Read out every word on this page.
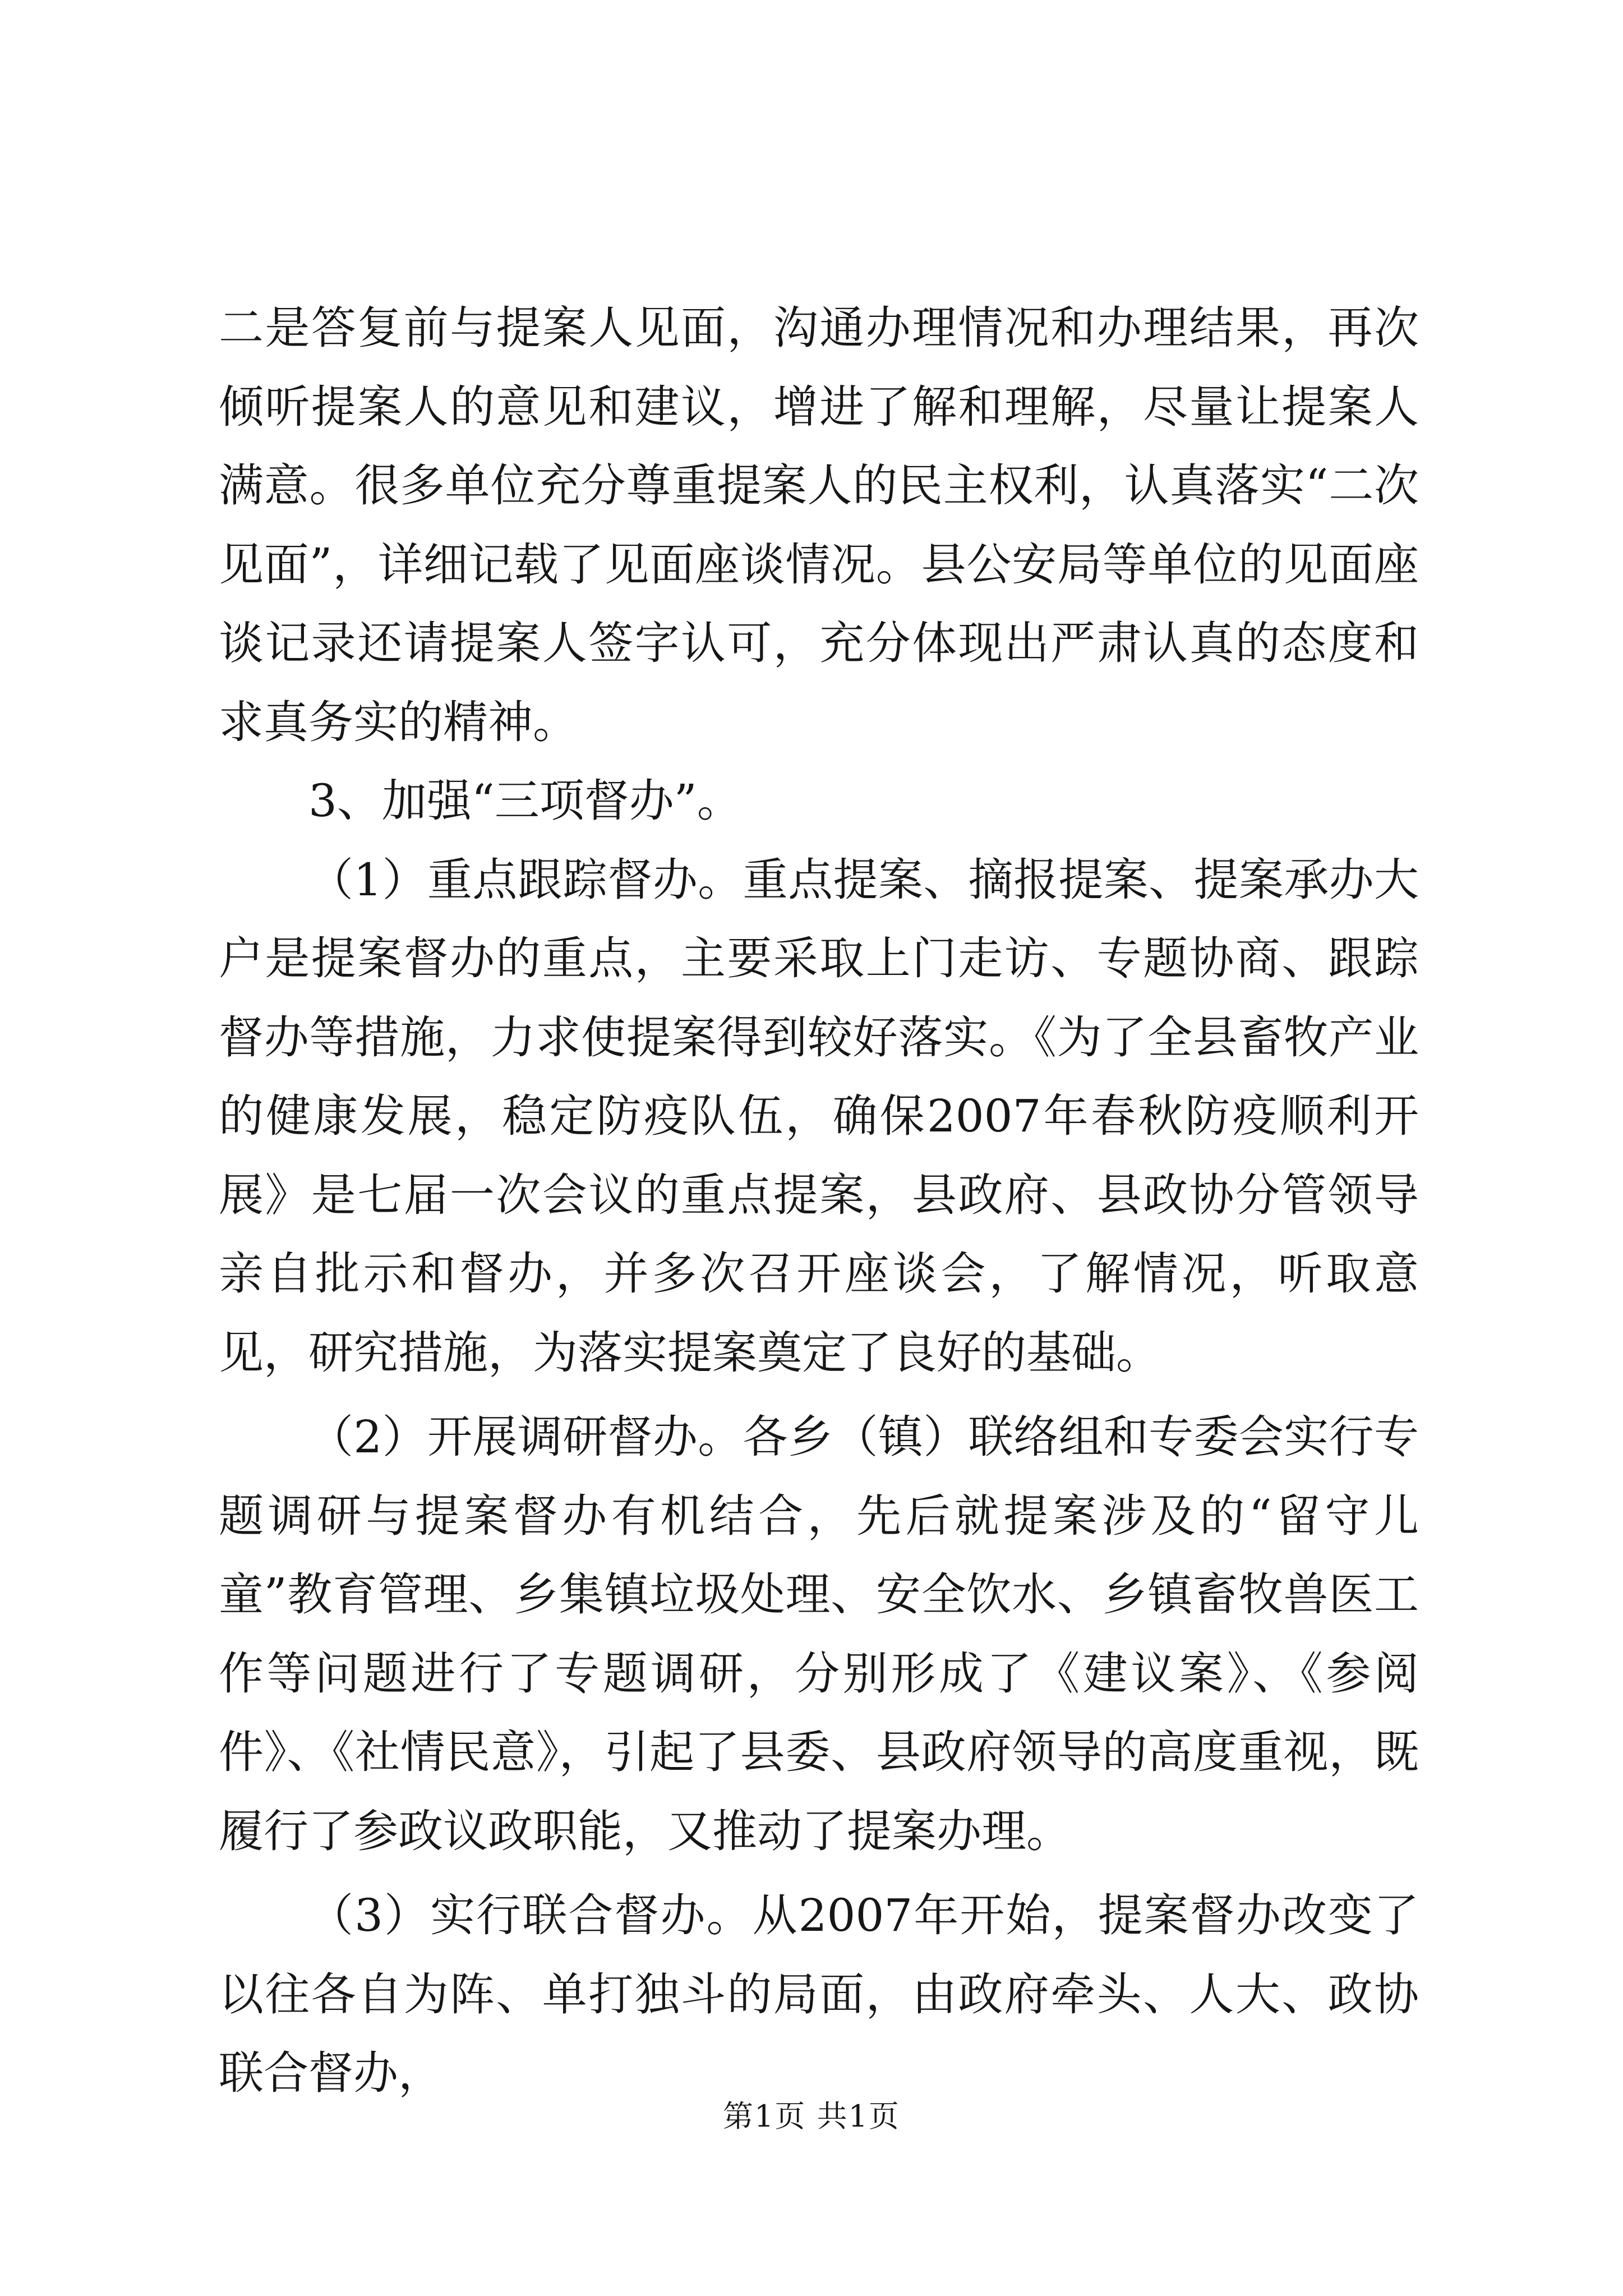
二是答复前与提案人见面，沟通办理情况和办理结果，再次倾听提案人的意见和建议，增进了解和理解，尽量让提案人满意。很多单位充分尊重提案人的民主权利，认真落实“二次见面”，详细记载了见面座谈情况。县公安局等单位的见面座谈记录还请提案人签字认可，充分体现出严肃认真的态度和求真务实的精神。

3、加强“三项督办”。

（1）重点跟踪督办。重点提案、摘报提案、提案承办大户是提案督办的重点，主要采取上门走访、专题协商、跟踪督办等措施，力求使提案得到较好落实。《为了全县畜牧产业的健康发展，稳定防疫队伍，确保2007年春秋防疫顺利开展》是七届一次会议的重点提案，县政府、县政协分管领导亲自批示和督办，并多次召开座谈会，了解情况，听取意见，研究措施，为落实提案奠定了良好的基础。

（2）开展调研督办。各乡（镇）联络组和专委会实行专题调研与提案督办有机结合，先后就提案涉及的“留守儿童”教育管理、乡集镇垃圾处理、安全饮水、乡镇畜牧兽医工作等问题进行了专题调研，分别形成了《建议案》、《参阅件》、《社情民意》，引起了县委、县政府领导的高度重视，既履行了参政议政职能，又推动了提案办理。

（3）实行联合督办。从2007年开始，提案督办改变了以往各自为阵、单打独斗的局面，由政府牵头、人大、政协联合督办，

第1页 共1页
